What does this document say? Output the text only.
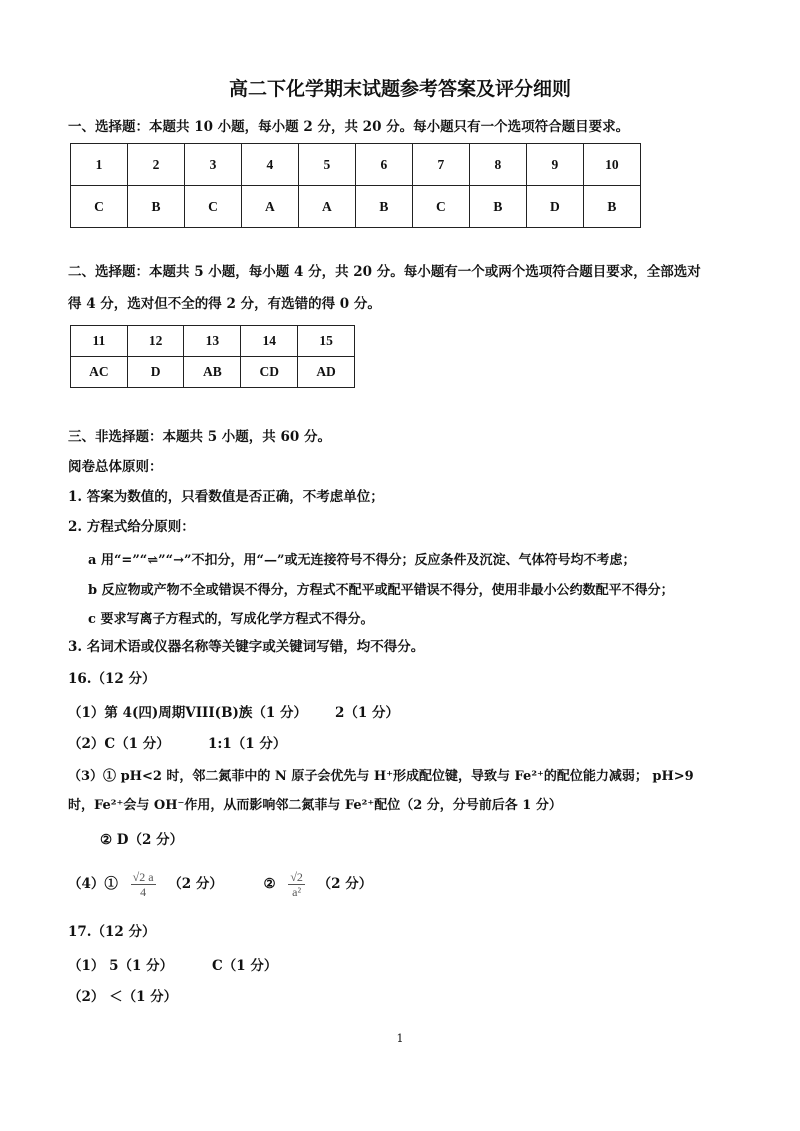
高二下化学期末试题参考答案及评分细则
一、选择题：本题共 10 小题，每小题 2 分，共 20 分。每小题只有一个选项符合题目要求。
1	2	3	4	5	6	7	8	9	10
C	B	C	A	A	B	C	B	D	B
二、选择题：本题共 5 小题，每小题 4 分，共 20 分。每小题有一个或两个选项符合题目要求，全部选对
得 4 分，选对但不全的得 2 分，有选错的得 0 分。
11	12	13	14	15
AC	D	AB	CD	AD
三、非选择题：本题共 5 小题，共 60 分。
阅卷总体原则：
1. 答案为数值的，只看数值是否正确，不考虑单位；
2. 方程式给分原则：
a 用“=”“⇌”“→”不扣分，用“—”或无连接符号不得分；反应条件及沉淀、气体符号均不考虑；
b 反应物或产物不全或错误不得分，方程式不配平或配平错误不得分，使用非最小公约数配平不得分；
c 要求写离子方程式的，写成化学方程式不得分。
3. 名词术语或仪器名称等关键字或关键词写错，均不得分。
16.（12 分）
（1）第 4(四)周期VIII(B)族（1 分） 2（1 分）
（2）C（1 分）	1:1（1 分）
（3）① pH<2 时，邻二氮菲中的 N 原子会优先与 H⁺形成配位键，导致与 Fe²⁺的配位能力减弱； pH>9
时，Fe²⁺会与 OH⁻作用，从而影响邻二氮菲与 Fe²⁺配位（2 分，分号前后各 1 分）
② D（2 分）
（4）① $\frac{√2 a}{4} (2$ 分）	② $\frac{√2}{\text{a²}} (2$ 分）
17.（12 分）
（1） 5（1 分）	C（1 分）
（2） ＜（1 分）
1
